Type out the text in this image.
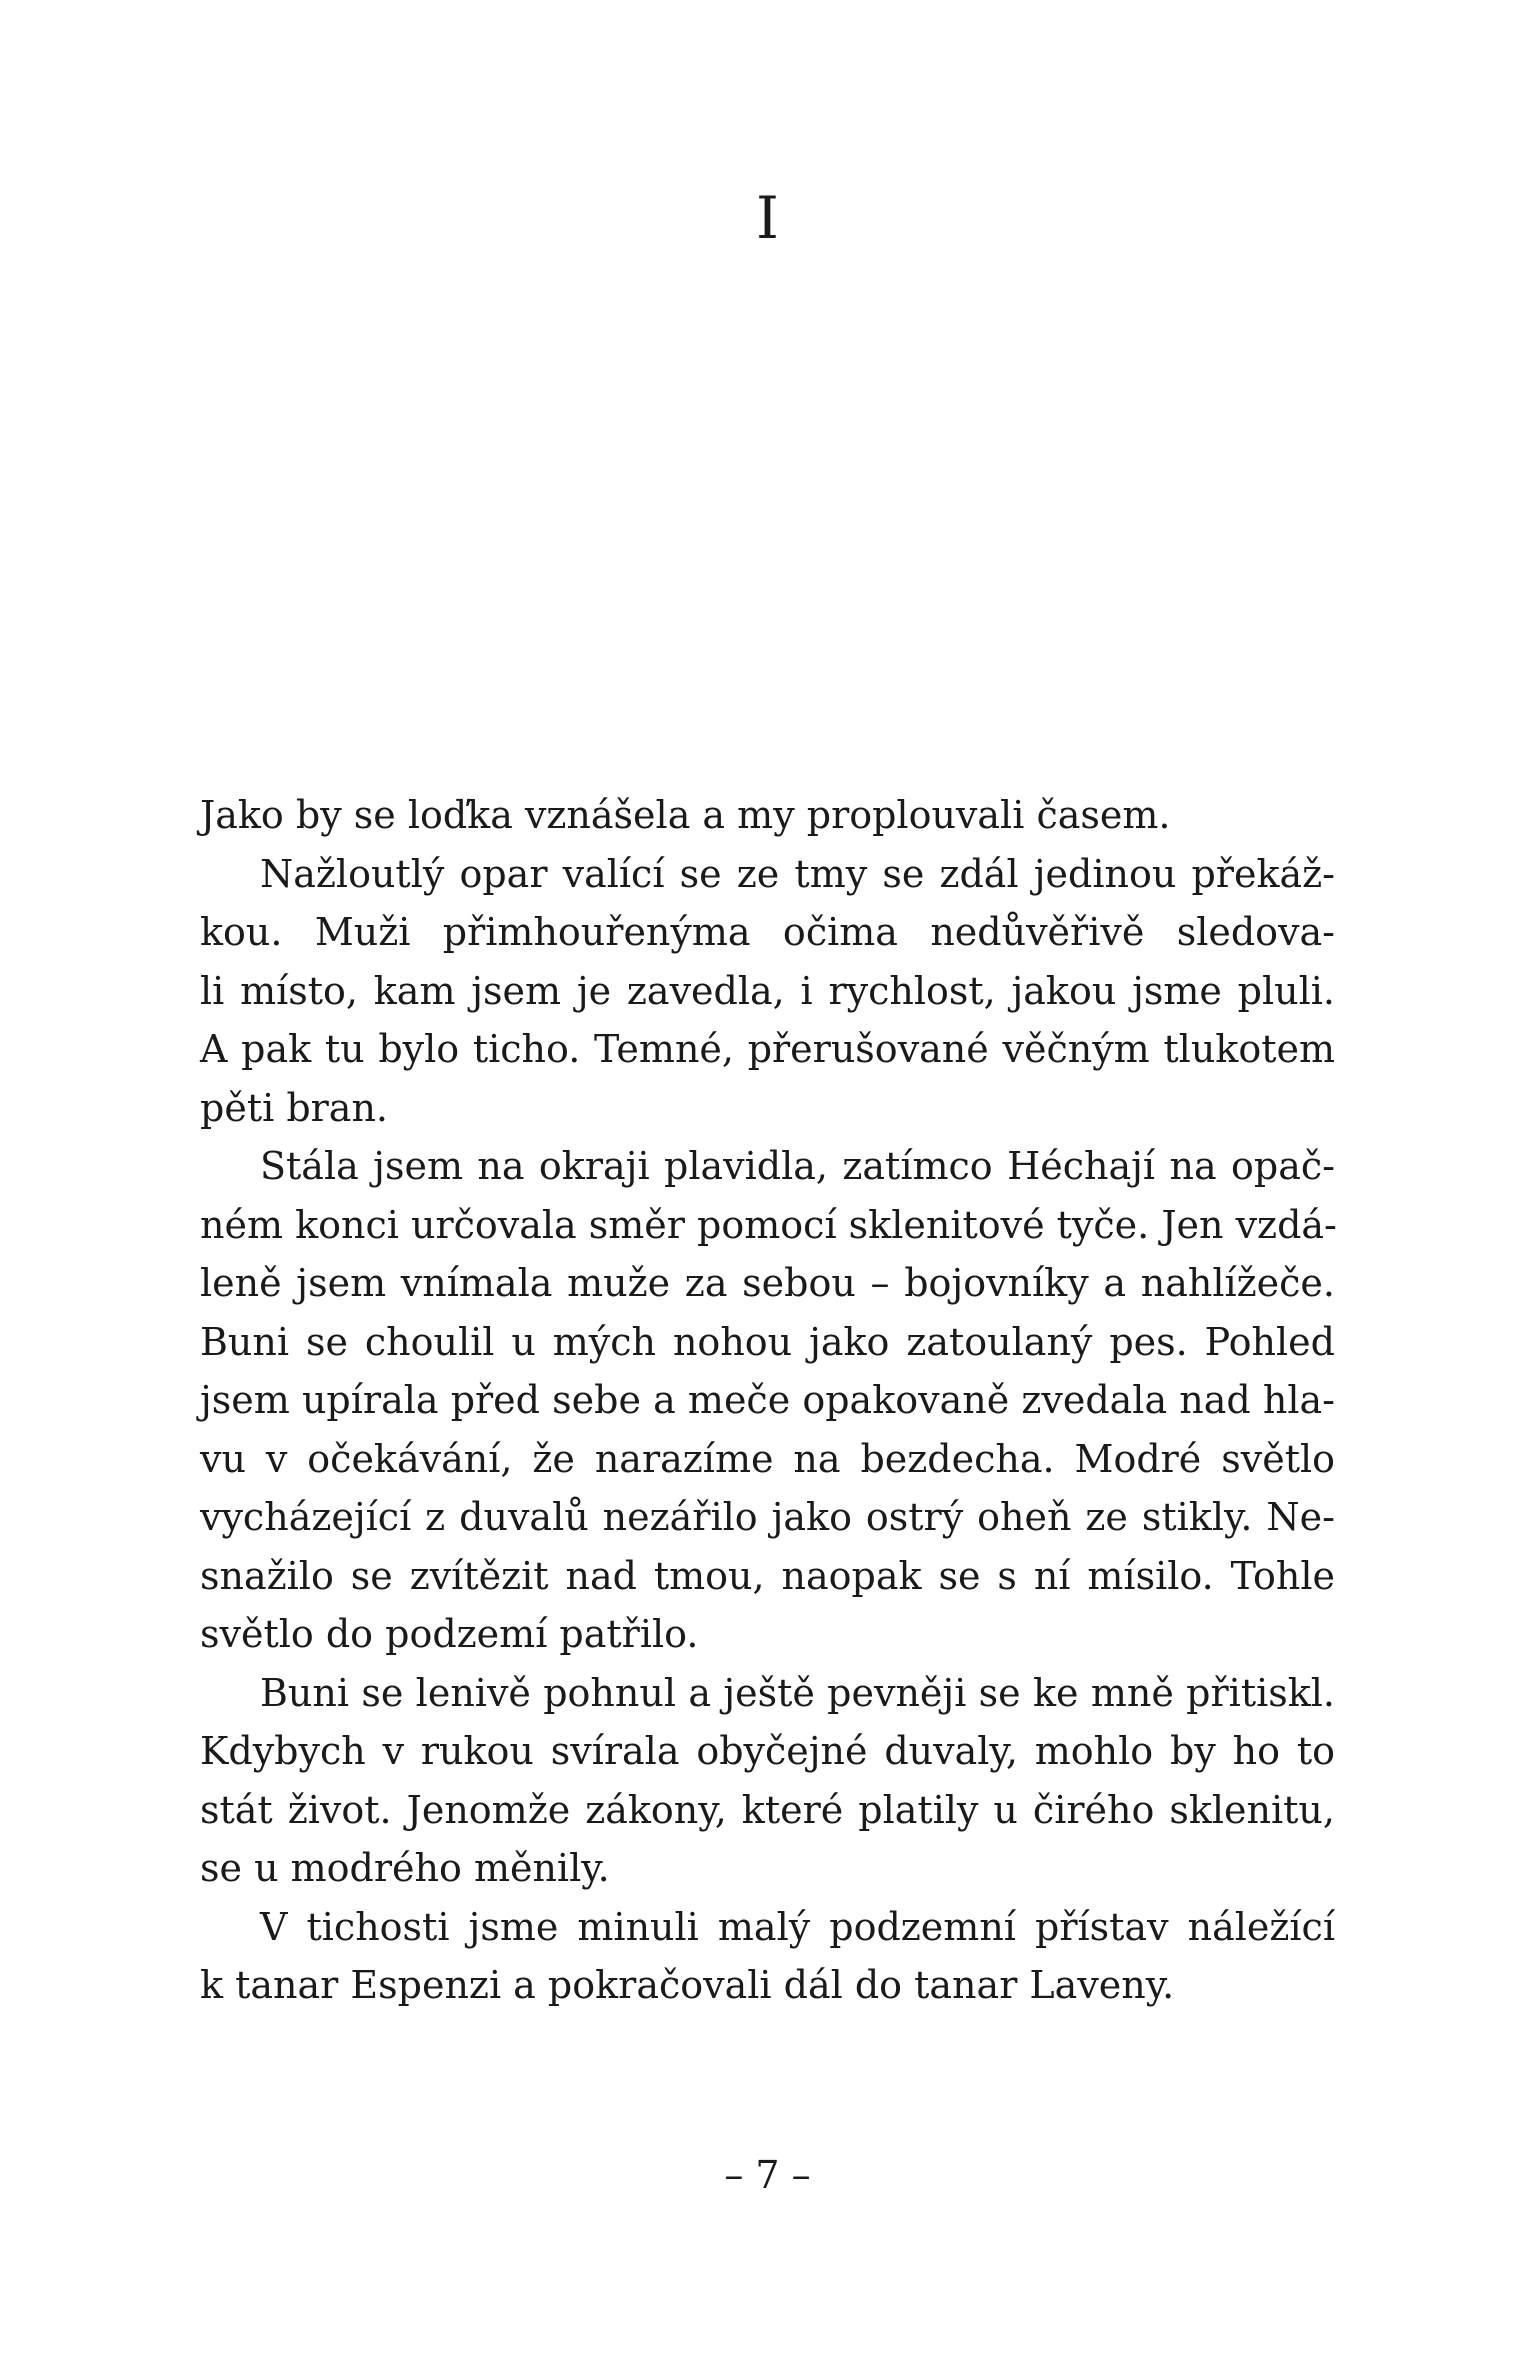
I
Jako by se loďka vznášela a my proplouvali časem.
Nažloutlý opar valící se ze tmy se zdál jedinou překáž-
kou. Muži přimhouřenýma očima nedůvěřivě sledova-
li místo, kam jsem je zavedla, i rychlost, jakou jsme pluli.
A pak tu bylo ticho. Temné, přerušované věčným tlukotem
pěti bran.
Stála jsem na okraji plavidla, zatímco Héchají na opač-
ném konci určovala směr pomocí sklenitové tyče. Jen vzdá-
leně jsem vnímala muže za sebou – bojovníky a nahlížeče.
Buni se choulil u mých nohou jako zatoulaný pes. Pohled
jsem upírala před sebe a meče opakovaně zvedala nad hla-
vu v očekávání, že narazíme na bezdecha. Modré světlo
vycházející z duvalů nezářilo jako ostrý oheň ze stikly. Ne-
snažilo se zvítězit nad tmou, naopak se s ní mísilo. Tohle
světlo do podzemí patřilo.
Buni se lenivě pohnul a ještě pevněji se ke mně přitiskl.
Kdybych v rukou svírala obyčejné duvaly, mohlo by ho to
stát život. Jenomže zákony, které platily u čirého sklenitu,
se u modrého měnily.
V tichosti jsme minuli malý podzemní přístav náležící
k tanar Espenzi a pokračovali dál do tanar Laveny.
– 7 –
